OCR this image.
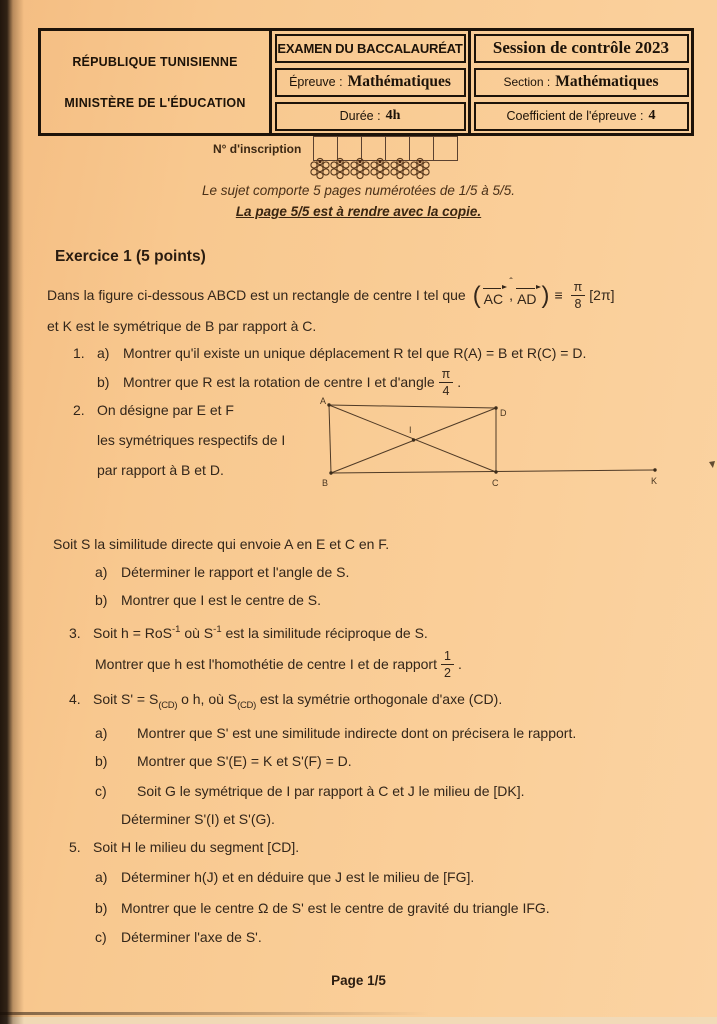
RÉPUBLIQUE TUNISIENNE
MINISTÈRE DE L'ÉDUCATION
EXAMEN DU BACCALAURÉAT
Épreuve : Mathématiques
Durée : 4h
Session de contrôle 2023
Section : Mathématiques
Coefficient de l'épreuve : 4
N° d'inscription
Le sujet comporte 5 pages numérotées de 1/5 à 5/5.
La page 5/5 est à rendre avec la copie.
Exercice 1 (5 points)
Dans la figure ci-dessous ABCD est un rectangle de centre I tel que ( AC
ˆ
, AD ) ≡ $\frac{\pi}{8} [2\pi]$
et K est le symétrique de B par rapport à C.
1. a) Montrer qu'il existe un unique déplacement R tel que R(A) = B et R(C) = D.
b) Montrer que R est la rotation de centre I et d'angle $\frac{\pi}{4}$ .
2. On désigne par E et F
les symétriques respectifs de I
par rapport à B et D.
A
D
B	C	K
I
Soit S la similitude directe qui envoie A en E et C en F.
a) Déterminer le rapport et l'angle de S.
b) Montrer que I est le centre de S.
3. Soit h = RoS$^{-1}$ où $S^{-1}$ est la similitude réciproque de S.
Montrer que h est l'homothétie de centre I et de rapport $\frac{1}{2}$ .
4. Soit $S' = S_{(CD)}$ o h, où $S_{(CD)}$ est la symétrie orthogonale d'axe (CD).
a) Montrer que S' est une similitude indirecte dont on précisera le rapport.
b) Montrer que S'(E) = K et S'(F) = D.
c) Soit G le symétrique de I par rapport à C et J le milieu de [DK].
Déterminer S'(I) et S'(G).
5. Soit H le milieu du segment [CD].
a) Déterminer h(J) et en déduire que J est le milieu de [FG].
b) Montrer que le centre Ω de S' est le centre de gravité du triangle IFG.
c) Déterminer l'axe de S'.
Page 1/5
